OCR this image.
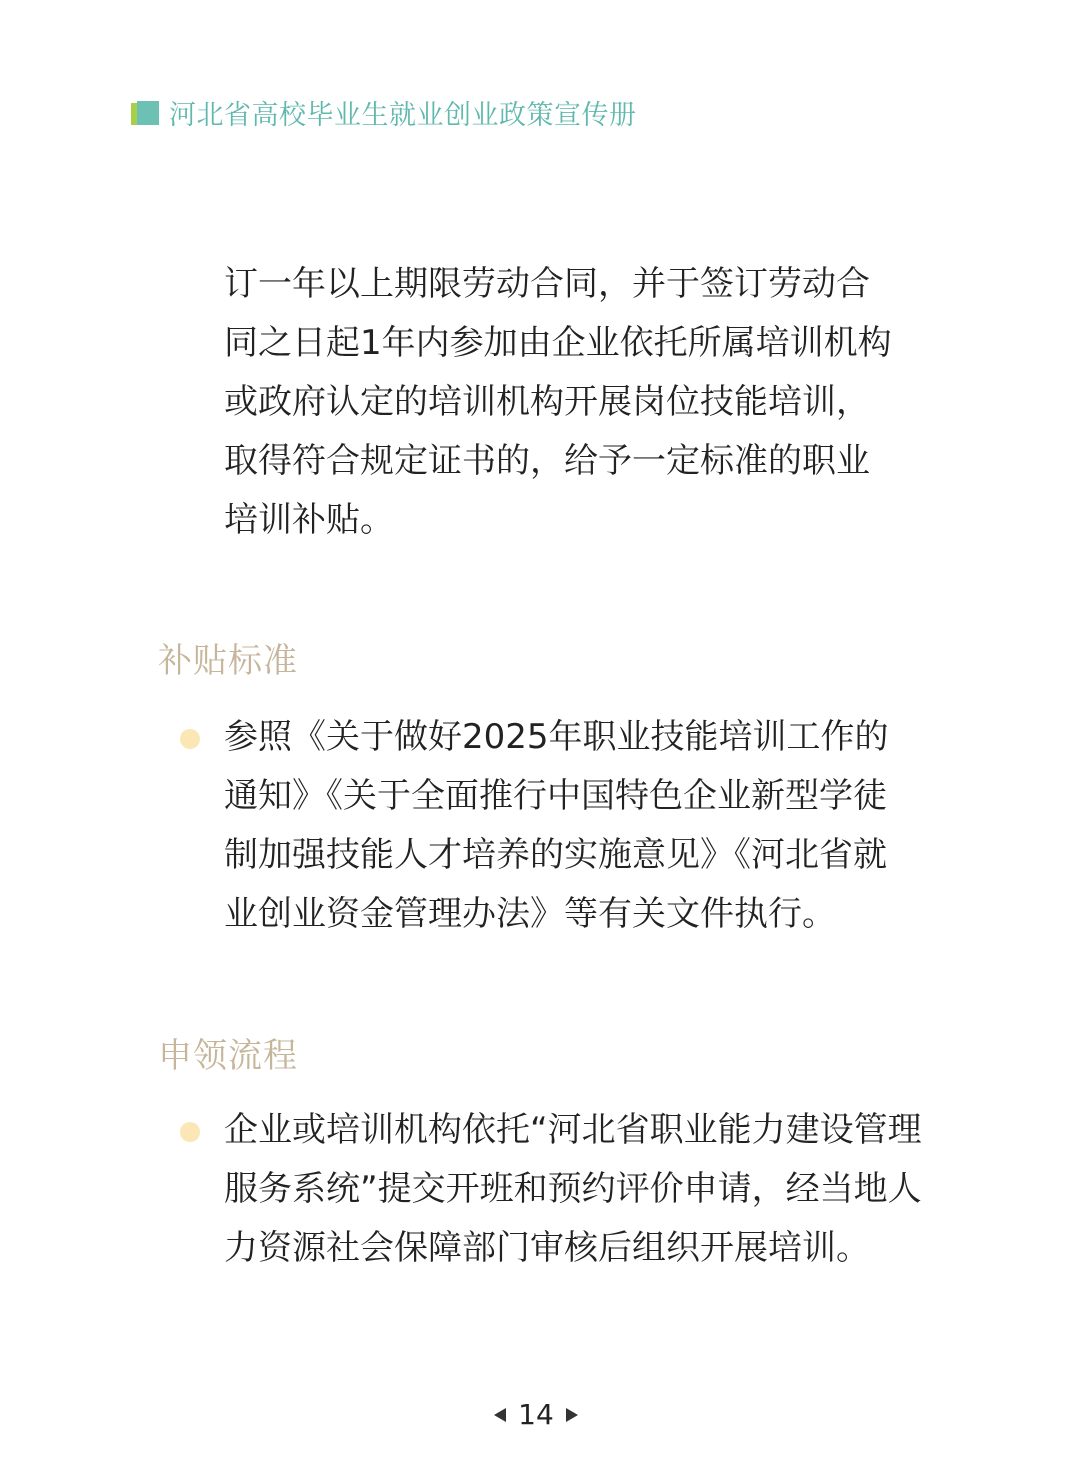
河北省高校毕业生就业创业政策宣传册
订一年以上期限劳动合同，并于签订劳动合
同之日起1年内参加由企业依托所属培训机构
或政府认定的培训机构开展岗位技能培训，
取得符合规定证书的，给予一定标准的职业
培训补贴。
补贴标准
参照《关于做好2025年职业技能培训工作的
通知》《关于全面推行中国特色企业新型学徒
制加强技能人才培养的实施意见》《河北省就
业创业资金管理办法》等有关文件执行。
申领流程
企业或培训机构依托“河北省职业能力建设管理
服务系统”提交开班和预约评价申请，经当地人
力资源社会保障部门审核后组织开展培训。
14
